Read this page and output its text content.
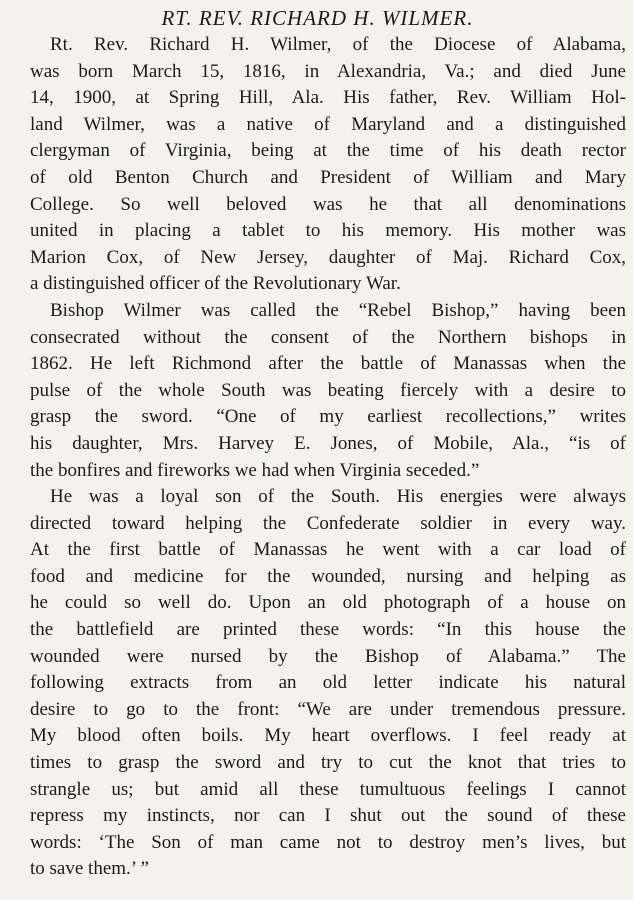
RT. REV. RICHARD H. WILMER.

Rt. Rev. Richard H. Wilmer, of the Diocese of Alabama,
was born March 15, 1816, in Alexandria, Va.; and died June
14, 1900, at Spring Hill, Ala. His father, Rev. William Hol-
land Wilmer, was a native of Maryland and a distinguished
clergyman of Virginia, being at the time of his death rector
of old Benton Church and President of William and Mary
College. So well beloved was he that all denominations
united in placing a tablet to his memory. His mother was
Marion Cox, of New Jersey, daughter of Maj. Richard Cox,
a distinguished officer of the Revolutionary War.

Bishop Wilmer was called the “Rebel Bishop,” having been
consecrated without the consent of the Northern bishops in
1862. He left Richmond after the battle of Manassas when the
pulse of the whole South was beating fiercely with a desire to
grasp the sword. “One of my earliest recollections,” writes
his daughter, Mrs. Harvey E. Jones, of Mobile, Ala., “is of
the bonfires and fireworks we had when Virginia seceded.”

He was a loyal son of the South. His energies were always
directed toward helping the Confederate soldier in every way.
At the first battle of Manassas he went with a car load of
food and medicine for the wounded, nursing and helping as
he could so well do. Upon an old photograph of a house on
the battlefield are printed these words: “In this house the
wounded were nursed by the Bishop of Alabama.” The
following extracts from an old letter indicate his natural
desire to go to the front: “We are under tremendous pressure.
My blood often boils. My heart overflows. I feel ready at
times to grasp the sword and try to cut the knot that tries to
strangle us; but amid all these tumultuous feelings I cannot
repress my instincts, nor can I shut out the sound of these
words: ‘The Son of man came not to destroy men’s lives, but
to save them.’ ”
